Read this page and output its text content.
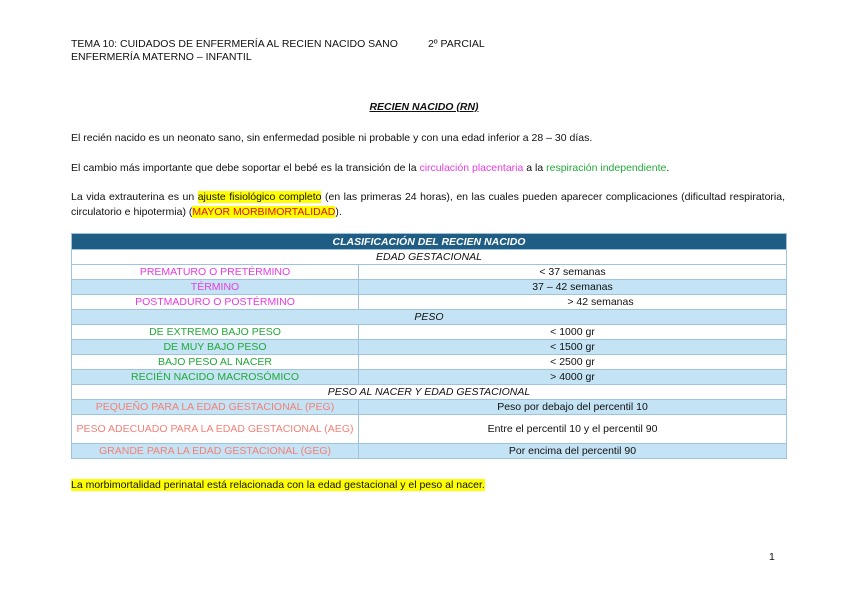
TEMA 10: CUIDADOS DE ENFERMERÍA AL RECIEN NACIDO SANO	2º PARCIAL
ENFERMERÍA MATERNO – INFANTIL
RECIEN NACIDO (RN)
El recién nacido es un neonato sano, sin enfermedad posible ni probable y con una edad inferior a 28 – 30 días.
El cambio más importante que debe soportar el bebé es la transición de la circulación placentaria a la respiración independiente.
La vida extrauterina es un ajuste fisiológico completo (en las primeras 24 horas), en las cuales pueden aparecer complicaciones (dificultad respiratoria, circulatorio e hipotermia) (MAYOR MORBIMORTALIDAD).
CLASIFICACIÓN DEL RECIEN NACIDO	
EDAD GESTACIONAL	
PREMATURO O PRETÉRMINO	< 37 semanas
TÉRMINO	37 – 42 semanas
POSTMADURO O POSTÉRMINO	> 42 semanas
PESO	
DE EXTREMO BAJO PESO	< 1000 gr
DE MUY BAJO PESO	< 1500 gr
BAJO PESO AL NACER	< 2500 gr
RECIÉN NACIDO MACROSÓMICO	> 4000 gr
PESO AL NACER Y EDAD GESTACIONAL	
PEQUEÑO PARA LA EDAD GESTACIONAL (PEG)	Peso por debajo del percentil 10
PESO ADECUADO PARA LA EDAD GESTACIONAL (AEG)	Entre el percentil 10 y el percentil 90
GRANDE PARA LA EDAD GESTACIONAL (GEG)	Por encima del percentil 90
La morbimortalidad perinatal está relacionada con la edad gestacional y el peso al nacer.
1
